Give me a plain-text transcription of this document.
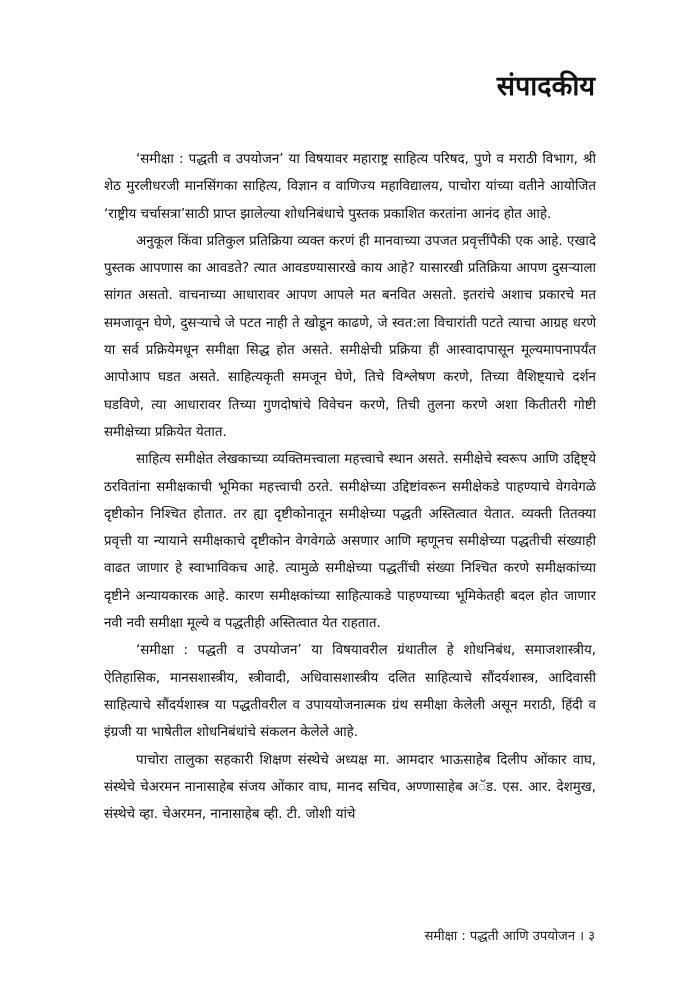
संपादकीय

‘समीक्षा : पद्धती व उपयोजन’ या विषयावर महाराष्ट्र साहित्य परिषद, पुणे व मराठी विभाग, श्री शेठ मुरलीधरजी मानसिंगका साहित्य, विज्ञान व वाणिज्य महाविद्यालय, पाचोरा यांच्या वतीने आयोजित ‘राष्ट्रीय चर्चासत्रा’साठी प्राप्त झालेल्या शोधनिबंधाचे पुस्तक प्रकाशित करतांना आनंद होत आहे.

अनुकूल किंवा प्रतिकुल प्रतिक्रिया व्यक्त करणं ही मानवाच्या उपजत प्रवृत्तींपैकी एक आहे. एखादे पुस्तक आपणास का आवडते? त्यात आवडण्यासारखे काय आहे? यासारखी प्रतिक्रिया आपण दुसऱ्याला सांगत असतो. वाचनाच्या आधारावर आपण आपले मत बनवित असतो. इतरांचे अशाच प्रकारचे मत समजावून घेणे, दुसऱ्याचे जे पटत नाही ते खोडून काढणे, जे स्वत:ला विचारांती पटते त्याचा आग्रह धरणे या सर्व प्रक्रियेमधून समीक्षा सिद्ध होत असते. समीक्षेची प्रक्रिया ही आस्वादापासून मूल्यमापनापर्यंत आपोआप घडत असते. साहित्यकृती समजून घेणे, तिचे विश्लेषण करणे, तिच्या वैशिष्ट्याचे दर्शन घडविणे, त्या आधारावर तिच्या गुणदोषांचे विवेचन करणे, तिची तुलना करणे अशा कितीतरी गोष्टी समीक्षेच्या प्रक्रियेत येतात.

साहित्य समीक्षेत लेखकाच्या व्यक्तिमत्त्वाला महत्त्वाचे स्थान असते. समीक्षेचे स्वरूप आणि उद्दिष्ट्ये ठरवितांना समीक्षकाची भूमिका महत्त्वाची ठरते. समीक्षेच्या उद्दिष्टांवरून समीक्षेकडे पाहण्याचे वेगवेगळे दृष्टीकोन निश्चित होतात. तर ह्या दृष्टीकोनातून समीक्षेच्या पद्धती अस्तित्वात येतात. व्यक्ती तितक्या प्रवृत्ती या न्यायाने समीक्षकाचे दृष्टीकोन वेगवेगळे असणार आणि म्हणूनच समीक्षेच्या पद्धतीची संख्याही वाढत जाणार हे स्वाभाविकच आहे. त्यामुळे समीक्षेच्या पद्धतींची संख्या निश्चित करणे समीक्षकांच्या दृष्टीने अन्यायकारक आहे. कारण समीक्षकांच्या साहित्याकडे पाहण्याच्या भूमिकेतही बदल होत जाणार नवी नवी समीक्षा मूल्ये व पद्धतीही अस्तित्वात येत राहतात.

‘समीक्षा : पद्धती व उपयोजन’ या विषयावरील ग्रंथातील हे शोधनिबंध, समाजशास्त्रीय, ऐतिहासिक, मानसशास्त्रीय, स्त्रीवादी, अधिवासशास्त्रीय दलित साहित्याचे सौंदर्यशास्त्र, आदिवासी साहित्याचे सौंदर्यशास्त्र या पद्धतीवरील व उपाययोजनात्मक ग्रंथ समीक्षा केलेली असून मराठी, हिंदी व इंग्रजी या भाषेतील शोधनिबंधांचे संकलन केलेले आहे.

पाचोरा तालुका सहकारी शिक्षण संस्थेचे अध्यक्ष मा. आमदार भाऊसाहेब दिलीप ओंकार वाघ, संस्थेचे चेअरमन नानासाहेब संजय ओंकार वाघ, मानद सचिव, अण्णासाहेब अॅड. एस. आर. देशमुख, संस्थेचे व्हा. चेअरमन, नानासाहेब व्ही. टी. जोशी यांचे

समीक्षा : पद्धती आणि उपयोजन । ३
